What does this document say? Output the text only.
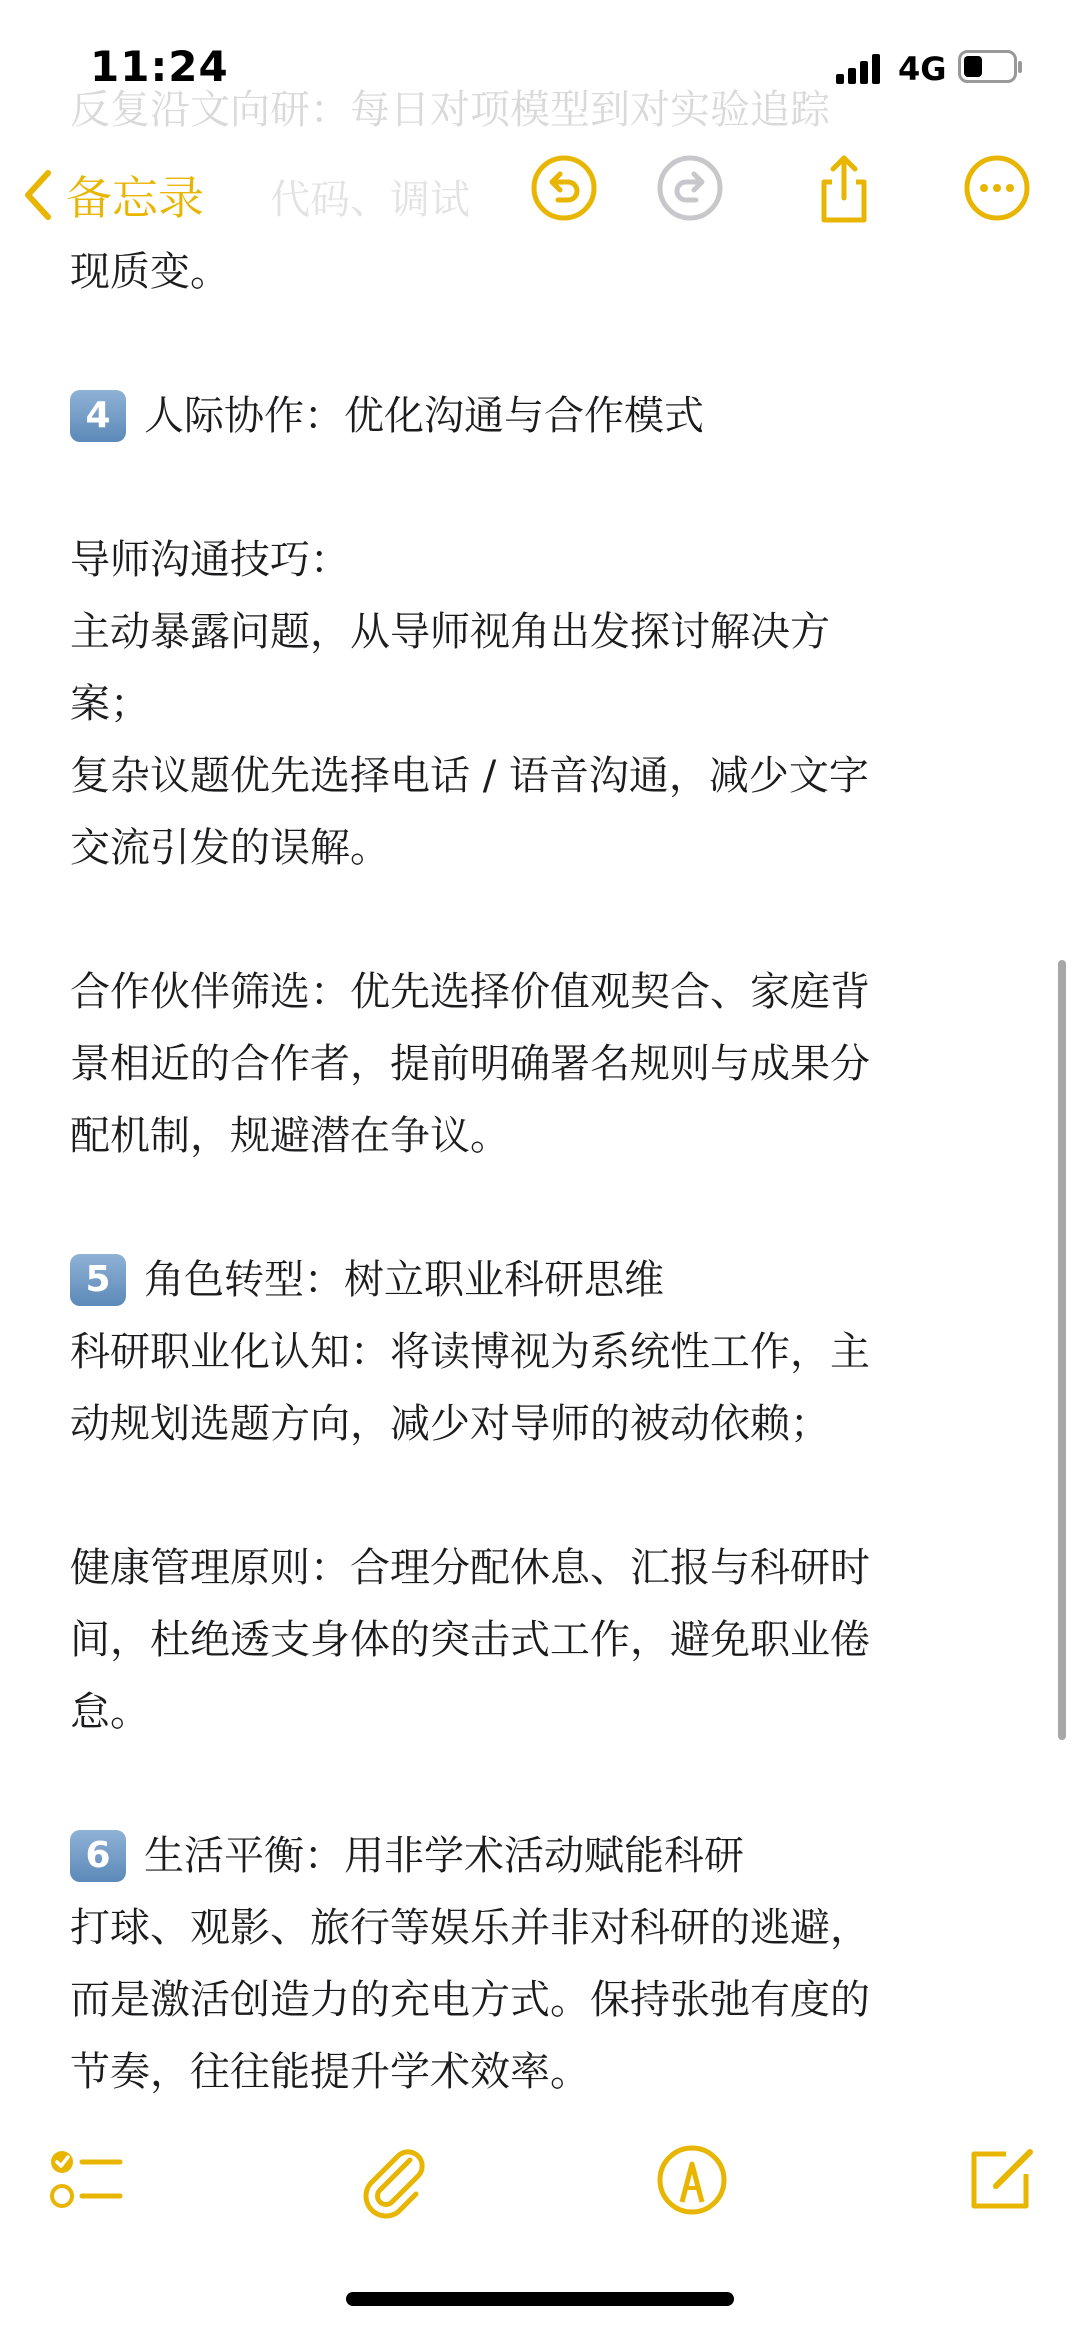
11:24	4G
反复沿文向研：每日对项模型到对实验追踪
代码、调试
备忘录

现质变。

4 人际协作：优化沟通与合作模式

导师沟通技巧：

主动暴露问题，从导师视角出发探讨解决方

案；

复杂议题优先选择电话 / 语音沟通，减少文字

交流引发的误解。

合作伙伴筛选：优先选择价值观契合、家庭背

景相近的合作者，提前明确署名规则与成果分

配机制，规避潜在争议。

5 角色转型：树立职业科研思维

科研职业化认知：将读博视为系统性工作，主

动规划选题方向，减少对导师的被动依赖；

健康管理原则：合理分配休息、汇报与科研时

间，杜绝透支身体的突击式工作，避免职业倦

怠。

6 生活平衡：用非学术活动赋能科研

打球、观影、旅行等娱乐并非对科研的逃避，

而是激活创造力的充电方式。保持张弛有度的

节奏，往往能提升学术效率。
